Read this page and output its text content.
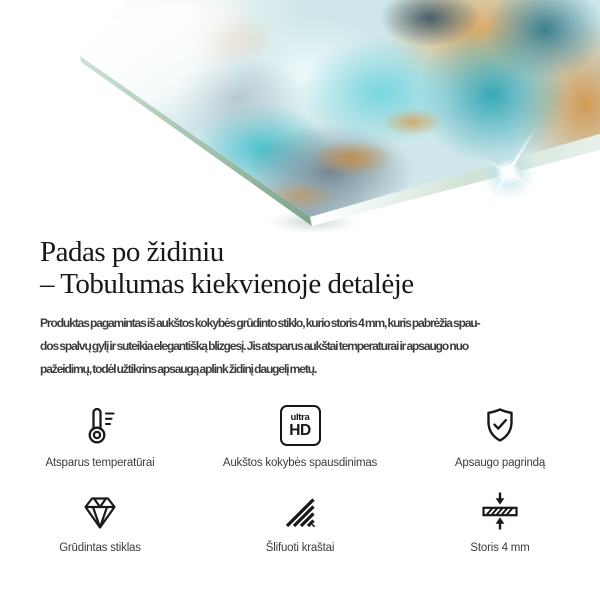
Padas po židiniu
– Tobulumas kiekvienoje detalėje
Produktas pagamintas iš aukštos kokybės grūdinto stiklo, kurio storis 4 mm, kuris pabrėžia spau-
dos spalvų gylį ir suteikia elegantišką blizgesį. Jis atsparus aukštai temperaturai ir apsaugo nuo
pažeidimų, todėl užtikrins apsaugą aplink židinį daugelį metų.
Atsparus temperatūrai
ultra
HD
Aukštos kokybės spausdinimas	Apsaugo pagrindą
Grūdintas stiklas	Šlifuoti kraštai	Storis 4 mm
